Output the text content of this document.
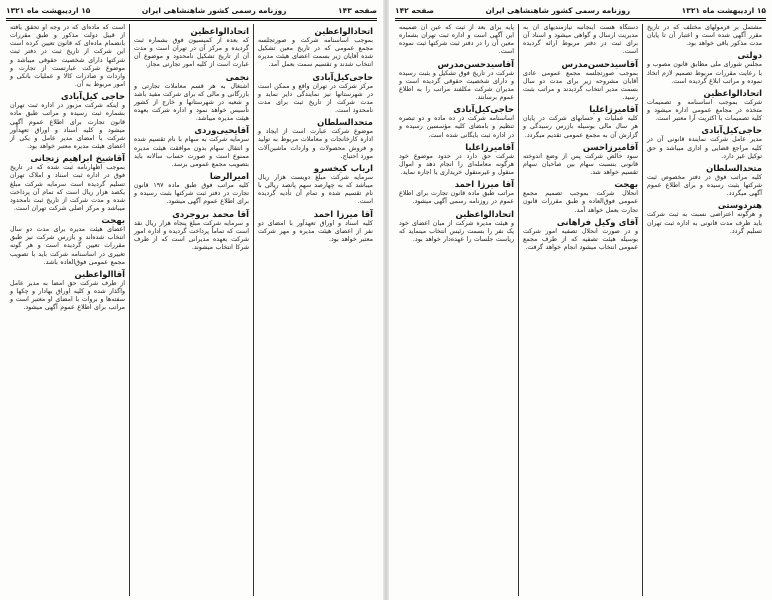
صفحه ۱۴۳
روزنامه رسمی کشور شاهنشاهی ایران
۱۵ اردیبهشت ماه ۱۳۲۱
است که ماده‌ای که در وجه او تحقق یافته از قبیل دولت مذکور و طبق مقررات بانضمام ماده‌ای که قانون تعیین کرده است این شرکت از تاریخ ثبت در دفتر ثبت شرکتها دارای شخصیت حقوقی میباشد و موضوع شرکت عبارتست از تجارت و واردات و صادرات کالا و عملیات بانکی و امور مربوط به آن.
حاجی کیل‌آبادی
و اینکه شرکت مزبور در اداره ثبت تهران بشماره ثبت رسیده و مراتب طبق ماده قانون تجارت برای اطلاع عموم آگهی میشود و کلیه اسناد و اوراق تعهدآور شرکت با امضای مدیر عامل و یکی از اعضای هیئت مدیره معتبر خواهد بود.
آقاشیخ ابراهیم زنجانی
بموجب اظهارنامه ثبت شده که در تاریخ فوق در اداره ثبت اسناد و املاک تهران تسلیم گردیده است سرمایه شرکت مبلغ یکصد هزار ریال است که تمام آن پرداخت شده و مدت شرکت از تاریخ ثبت نامحدود میباشد و مرکز اصلی شرکت تهران است.
بهجت
اعضای هیئت مدیره برای مدت دو سال انتخاب شده‌اند و بازرس شرکت نیز طبق مقررات تعیین گردیده است و هر گونه تغییری در اساسنامه شرکت باید با تصویب مجمع عمومی فوق‌العاده باشد.
آقاالواعظین
از طرف شرکت حق امضا به مدیر عامل واگذار شده و کلیه اوراق بهادار و چکها و سفته‌ها و بروات با امضای او معتبر است و مراتب برای اطلاع عموم آگهی میشود.
اتحادالواعظین
که بعده از کمیسیون فوق بشماره ثبت گردیده و مرکز آن در تهران است و مدت آن از تاریخ تشکیل نامحدود و موضوع آن عبارت است از کلیه امور تجارتی مجاز.
نجمی
اشتغال به هر قسم معاملات تجارتی و بازرگانی و مالی که برای شرکت مفید باشد و شعبه در شهرستانها و خارج از کشور تأسیس خواهد نمود و اداره شرکت بعهده هیئت مدیره میباشد.
آقایحیی‌وردی
سرمایه شرکت به سهام با نام تقسیم شده و انتقال سهام بدون موافقت هیئت مدیره ممنوع است و صورت حساب سالانه باید بتصویب مجمع عمومی برسد.
امیرالرضا
کلیه مراتب فوق طبق ماده ۱۹۷ قانون تجارت در دفتر ثبت شرکتها بثبت رسیده و برای اطلاع عموم آگهی میشود.
آقا محمد بروجردی
و سرمایه شرکت مبلغ پنجاه هزار ریال نقد است که تماماً پرداخت گردیده و اداره امور شرکت بعهده مدیرانی است که از طرف شرکا انتخاب میشوند.
اتحادالواعظین
بموجب اساسنامه شرکت و صورتجلسه مجمع عمومی که در تاریخ معین تشکیل شده آقایان زیر بسمت اعضای هیئت مدیره انتخاب شدند و تقسیم سمت بعمل آمد.
حاجی‌کیل‌آبادی
مرکز شرکت در تهران واقع و ممکن است در شهرستانها نیز نمایندگی دایر نماید و مدت شرکت از تاریخ ثبت برای مدت نامحدود است.
متحدالسلطان
موضوع شرکت عبارت است از ایجاد و اداره کارخانجات و معاملات مربوط به تولید و فروش محصولات و واردات ماشین‌آلات مورد احتیاج.
ارباب کیخسرو
سرمایه شرکت مبلغ دویست هزار ریال میباشد که به چهارصد سهم پانصد ریالی با نام تقسیم شده و تمام آن تأدیه گردیده است.
آقا میرزا احمد
کلیه اسناد و اوراق تعهدآور با امضای دو نفر از اعضای هیئت مدیره و مهر شرکت معتبر خواهد بود.
۱۵ اردیبهشت ماه ۱۳۲۱
روزنامه رسمی کشور شاهنشاهی ایران
صفحه ۱۴۲
پایه برای بعد از ثبت که عین آن ضمیمه این آگهی است و اداره ثبت تهران بشماره معین آن را در دفتر ثبت شرکتها ثبت نموده است.
آقاسیدحسن‌مدرس
شرکت در تاریخ فوق تشکیل و بثبت رسیده و دارای شخصیت حقوقی گردیده است و مدیران شرکت مکلفند مراتب را به اطلاع عموم برسانند.
حاجی‌کیل‌آبادی
اساسنامه شرکت در ده ماده و دو تبصره تنظیم و بامضای کلیه مؤسسین رسیده و در اداره ثبت بایگانی شده است.
آقامیرزاعلیا
شرکت حق دارد در حدود موضوع خود هرگونه معامله‌ای را انجام دهد و اموال منقول و غیرمنقول خریداری یا اجاره نماید.
آقا میرزا احمد
مراتب طبق ماده قانون تجارت برای اطلاع عموم در روزنامه رسمی آگهی میشود.
اتحادالواعظین
و هیئت مدیره شرکت از میان اعضای خود یک نفر را بسمت رئیس انتخاب مینماید که ریاست جلسات را عهده‌دار خواهد بود.
دستگاه هست اینجانبه نیازمندیهای آن به مدیریت ارسال و گواهی میشود و اسناد آن برای ثبت در دفتر مربوط ارائه گردیده است.
آقاسیدحسن‌مدرس
بموجب صورتجلسه مجمع عمومی عادی آقایان مشروحه زیر برای مدت دو سال بسمت مدیر انتخاب گردیدند و مراتب بثبت رسید.
آقامیرزاعلیا
کلیه عملیات و حسابهای شرکت در پایان هر سال مالی بوسیله بازرس رسیدگی و گزارش آن به مجمع عمومی تقدیم میگردد.
آقامیرزاحسن
سود خالص شرکت پس از وضع اندوخته قانونی بنسبت سهام بین صاحبان سهام تقسیم خواهد شد.
بهجت
انحلال شرکت بموجب تصمیم مجمع عمومی فوق‌العاده و طبق مقررات قانون تجارت بعمل خواهد آمد.
آقای وکیل فراهانی
و در صورت انحلال تصفیه امور شرکت بوسیله هیئت تصفیه که از طرف مجمع عمومی انتخاب میشود انجام خواهد گرفت.
مشتمل بر فرمولهای مختلف که در تاریخ مقرر آگهی شده است و اعتبار آن تا پایان مدت مذکور باقی خواهد بود.
دولتی
مجلس شورای ملی مطابق قانون مصوب و با رعایت مقررات مربوط تصمیم لازم اتخاذ نموده و مراتب ابلاغ گردیده است.
اتحادالواعظین
شرکت بموجب اساسنامه و تصمیمات متخذه در مجامع عمومی اداره میشود و کلیه تصمیمات با اکثریت آرا معتبر است.
حاجی‌کیل‌آبادی
مدیر عامل شرکت نماینده قانونی آن در کلیه مراجع قضایی و اداری میباشد و حق توکیل غیر دارد.
متحدالسلطان
کلیه مراتب فوق در دفتر مخصوص ثبت شرکتها بثبت رسیده و برای اطلاع عموم آگهی میگردد.
هنردوستی
و هرگونه اعتراضی نسبت به ثبت شرکت باید ظرف مدت قانونی به اداره ثبت تهران تسلیم گردد.
